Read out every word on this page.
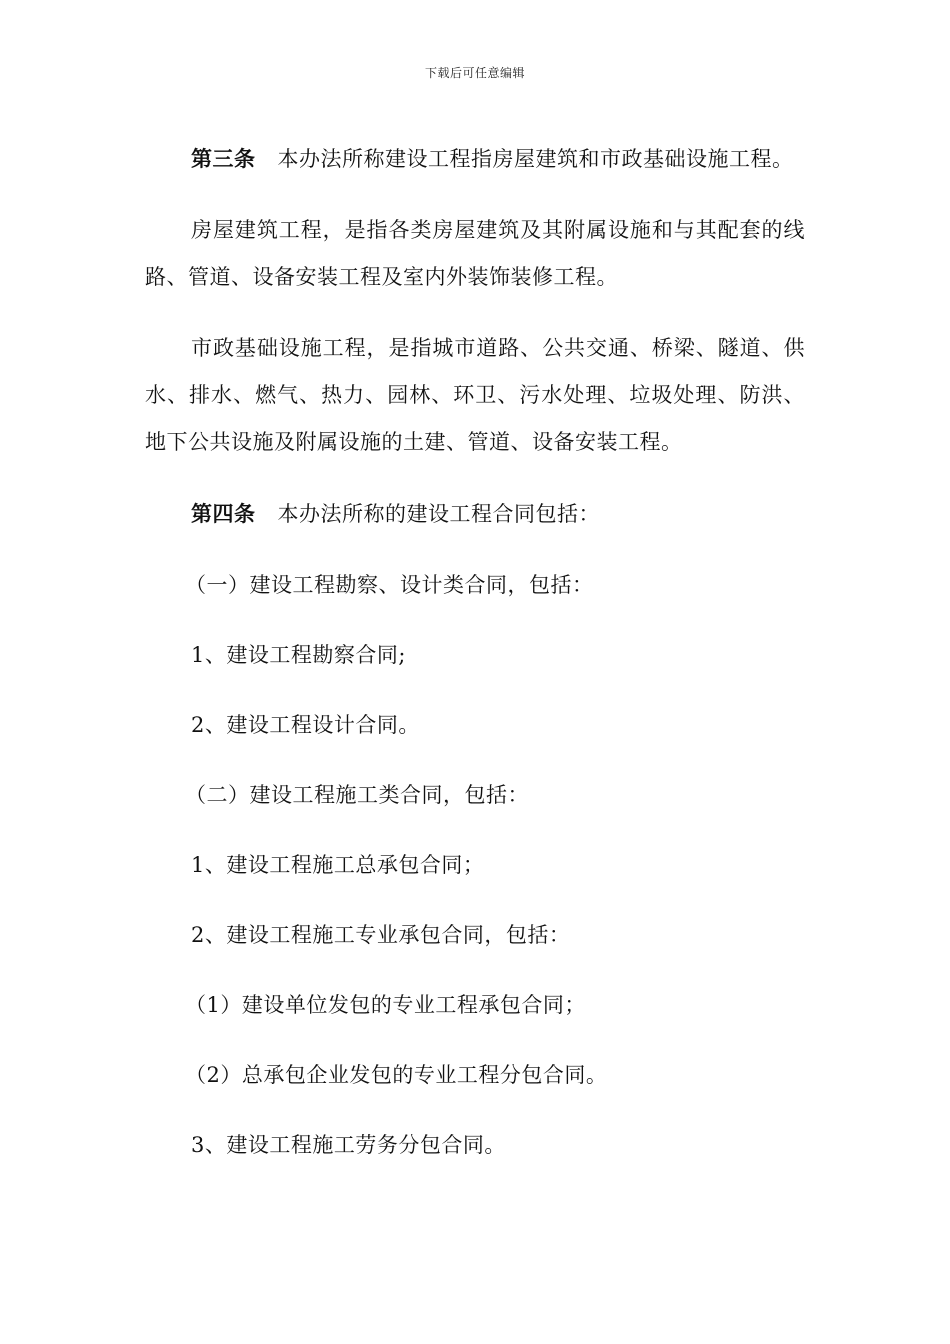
下载后可任意编辑

第三条 本办法所称建设工程指房屋建筑和市政基础设施工程。

房屋建筑工程，是指各类房屋建筑及其附属设施和与其配套的线路、管道、设备安装工程及室内外装饰装修工程。

市政基础设施工程，是指城市道路、公共交通、桥梁、隧道、供水、排水、燃气、热力、园林、环卫、污水处理、垃圾处理、防洪、地下公共设施及附属设施的土建、管道、设备安装工程。

第四条 本办法所称的建设工程合同包括：

（一）建设工程勘察、设计类合同，包括：

1、建设工程勘察合同;

2、建设工程设计合同。

（二）建设工程施工类合同，包括：

1、建设工程施工总承包合同；

2、建设工程施工专业承包合同，包括：

（1）建设单位发包的专业工程承包合同；

（2）总承包企业发包的专业工程分包合同。

3、建设工程施工劳务分包合同。
